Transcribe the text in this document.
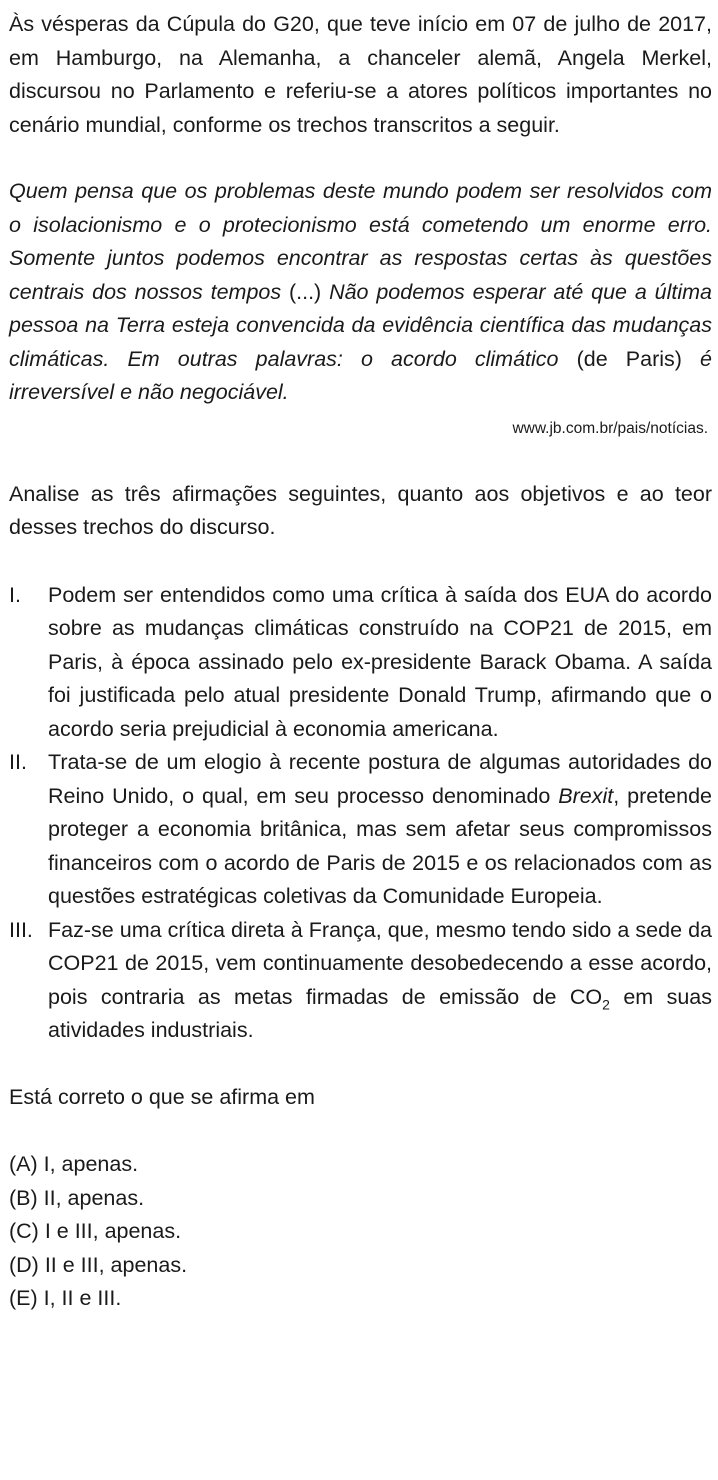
Às vésperas da Cúpula do G20, que teve início em 07 de julho de 2017, em Hamburgo, na Alemanha, a chanceler alemã, Angela Merkel, discursou no Parlamento e referiu-se a atores políticos importantes no cenário mundial, conforme os trechos transcritos a seguir.

Quem pensa que os problemas deste mundo podem ser resolvidos com o isolacionismo e o protecionismo está cometendo um enorme erro. Somente juntos podemos encontrar as respostas certas às questões centrais dos nossos tempos (...) Não podemos esperar até que a última pessoa na Terra esteja convencida da evidência científica das mudanças climáticas. Em outras palavras: o acordo climático (de Paris) é irreversível e não negociável.

www.jb.com.br/pais/notícias.

Analise as três afirmações seguintes, quanto aos objetivos e ao teor desses trechos do discurso.

I.	Podem ser entendidos como uma crítica à saída dos EUA do acordo sobre as mudanças climáticas construído na COP21 de 2015, em Paris, à época assinado pelo ex-presidente Barack Obama. A saída foi justificada pelo atual presidente Donald Trump, afirmando que o acordo seria prejudicial à economia americana.
II. Trata-se de um elogio à recente postura de algumas autoridades do Reino Unido, o qual, em seu processo denominado Brexit, pretende proteger a economia britânica, mas sem afetar seus compromissos financeiros com o acordo de Paris de 2015 e os relacionados com as questões estratégicas coletivas da Comunidade Europeia.
III. Faz-se uma crítica direta à França, que, mesmo tendo sido a sede da COP21 de 2015, vem continuamente desobedecendo a esse acordo, pois contraria as metas firmadas de emissão de $CO_2$ em suas atividades industriais.

Está correto o que se afirma em

(A) I, apenas.

(B) II, apenas.

(C) I e III, apenas.

(D) II e III, apenas.

(E) I, II e III.
